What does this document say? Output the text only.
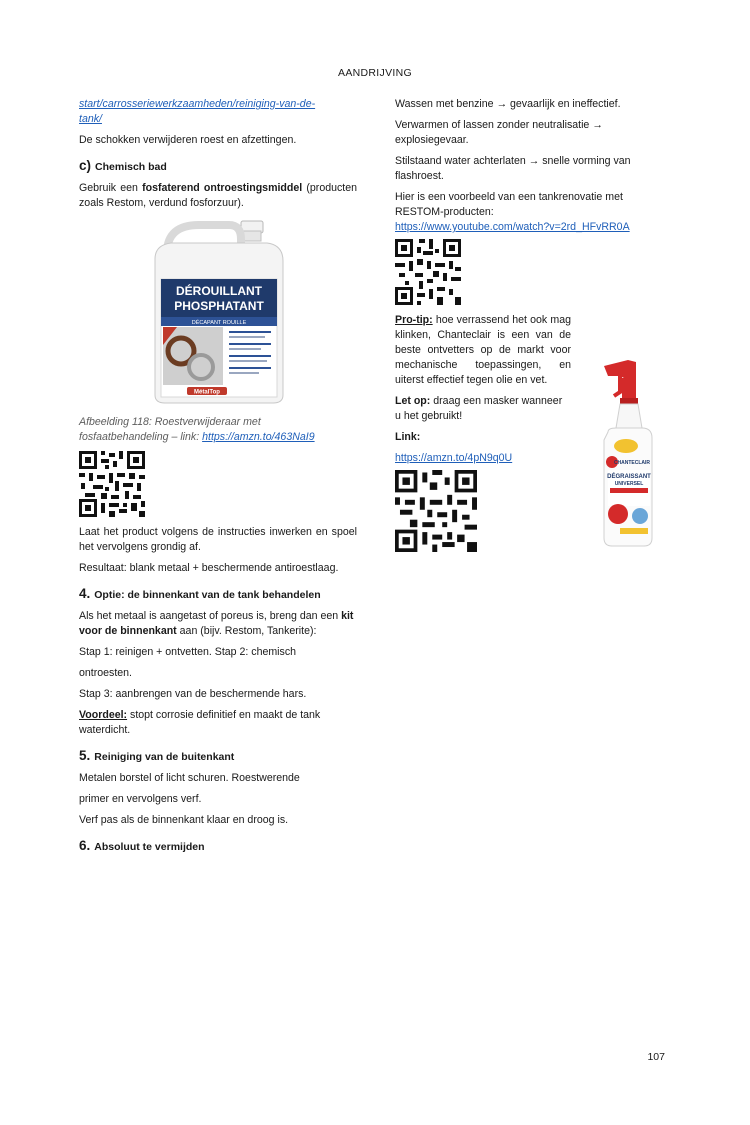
AANDRIJVING

start/carrosseriewerkzaamheden/reiniging-van-de-
tank/

De schokken verwijderen roest en afzettingen.

c) Chemisch bad

Gebruik een fosfaterend ontroestingsmiddel (producten zoals Restom, verdund fosforzuur).

DÉROUILLANT
PHOSPHATANT
DÉCAPANT ROUILLE
MétalTop

Afbeelding 118: Roestverwijderaar met
fosfaatbehandeling – link: https://amzn.to/463NaI9

Laat het product volgens de instructies inwerken en spoel het vervolgens grondig af.

Resultaat: blank metaal + beschermende antiroestlaag.

4. Optie: de binnenkant van de tank behandelen

Als het metaal is aangetast of poreus is, breng dan een kit voor de binnenkant aan (bijv. Restom, Tankerite):

Stap 1: reinigen + ontvetten. Stap 2: chemisch

ontroesten.

Stap 3: aanbrengen van de beschermende hars.

Voordeel: stopt corrosie definitief en maakt de tank waterdicht.

5. Reiniging van de buitenkant

Metalen borstel of licht schuren. Roestwerende

primer en vervolgens verf.

Verf pas als de binnenkant klaar en droog is.

6. Absoluut te vermijden

Wassen met benzine → gevaarlijk en ineffectief.

Verwarmen of lassen zonder neutralisatie → explosiegevaar.

Stilstaand water achterlaten → snelle vorming van flashroest.

Hier is een voorbeeld van een tankrenovatie met RESTOM-producten:

https://www.youtube.com/watch?v=2rd_HFvRR0A

Pro-tip: hoe verrassend het ook mag klinken, Chanteclair is een van de beste ontvetters op de markt voor mechanische toepassingen, en uiterst effectief tegen olie en vet.

Let op: draag een masker wanneer u het gebruikt!

Link:

https://amzn.to/4pN9q0U	CHANTECLAIR
DÉGRAISSANT
UNIVERSEL
107
